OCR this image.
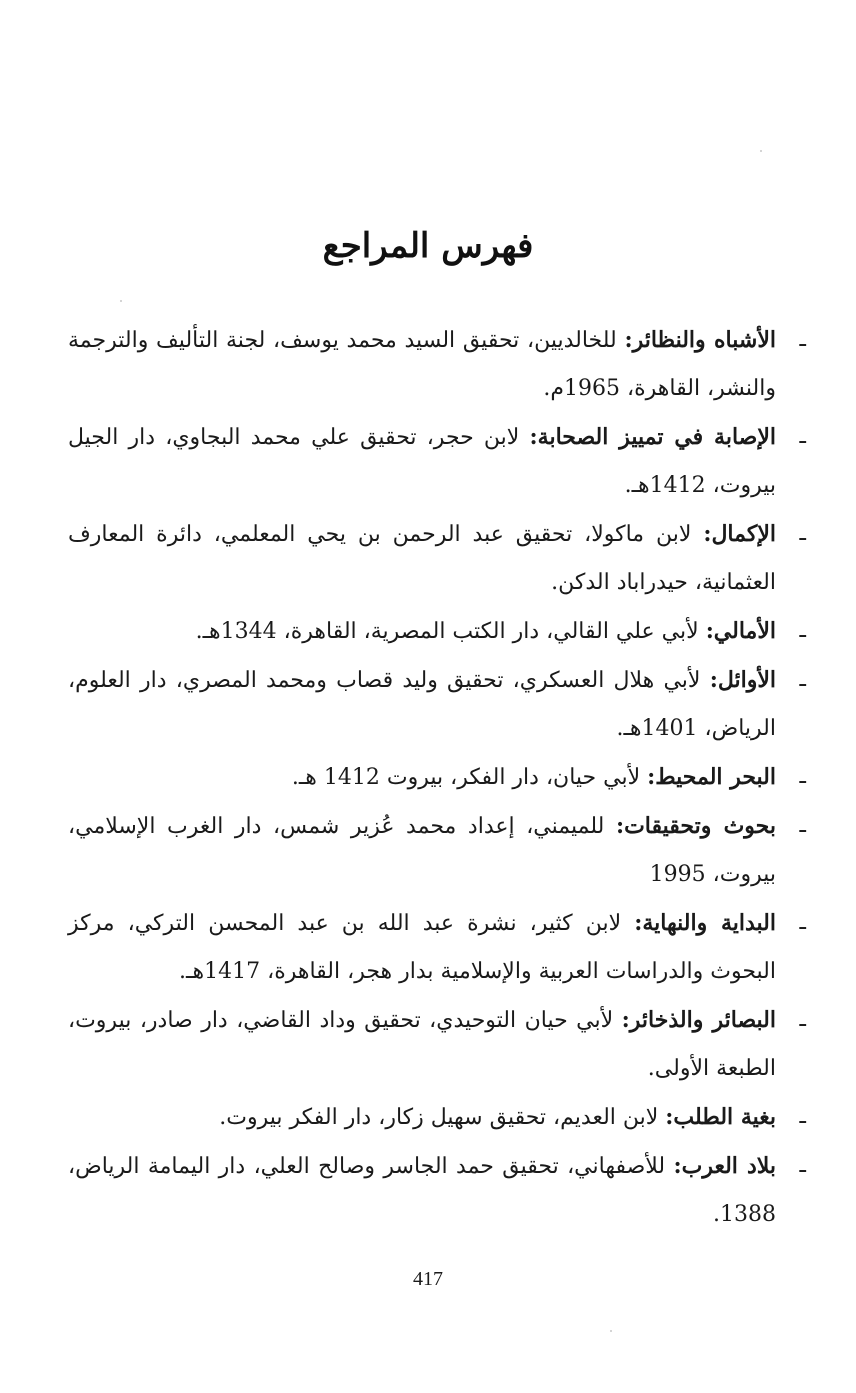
فهرس المراجع
ـ
الأشباه والنظائر: للخالديين، تحقيق السيد محمد يوسف، لجنة التأليف والترجمة والنشر، القاهرة، 1965م.
ـ
الإصابة في تمييز الصحابة: لابن حجر، تحقيق علي محمد البجاوي، دار الجيل بيروت، 1412هـ.
ـ
الإكمال: لابن ماكولا، تحقيق عبد الرحمن بن يحي المعلمي، دائرة المعارف العثمانية، حيدراباد الدكن.
ـ
الأمالي: لأبي علي القالي، دار الكتب المصرية، القاهرة، 1344هـ.
ـ
الأوائل: لأبي هلال العسكري، تحقيق وليد قصاب ومحمد المصري، دار العلوم، الرياض، 1401هـ.
ـ
البحر المحيط: لأبي حيان، دار الفكر، بيروت 1412 هـ.
ـ
بحوث وتحقيقات: للميمني، إعداد محمد عُزير شمس، دار الغرب الإسلامي، بيروت، 1995
ـ
البداية والنهاية: لابن كثير، نشرة عبد الله بن عبد المحسن التركي، مركز البحوث والدراسات العربية والإسلامية بدار هجر، القاهرة، 1417هـ.
ـ
البصائر والذخائر: لأبي حيان التوحيدي، تحقيق وداد القاضي، دار صادر، بيروت، الطبعة الأولى.
ـ
بغية الطلب: لابن العديم، تحقيق سهيل زكار، دار الفكر بيروت.
ـ
بلاد العرب: للأصفهاني، تحقيق حمد الجاسر وصالح العلي، دار اليمامة الرياض، 1388.
417
